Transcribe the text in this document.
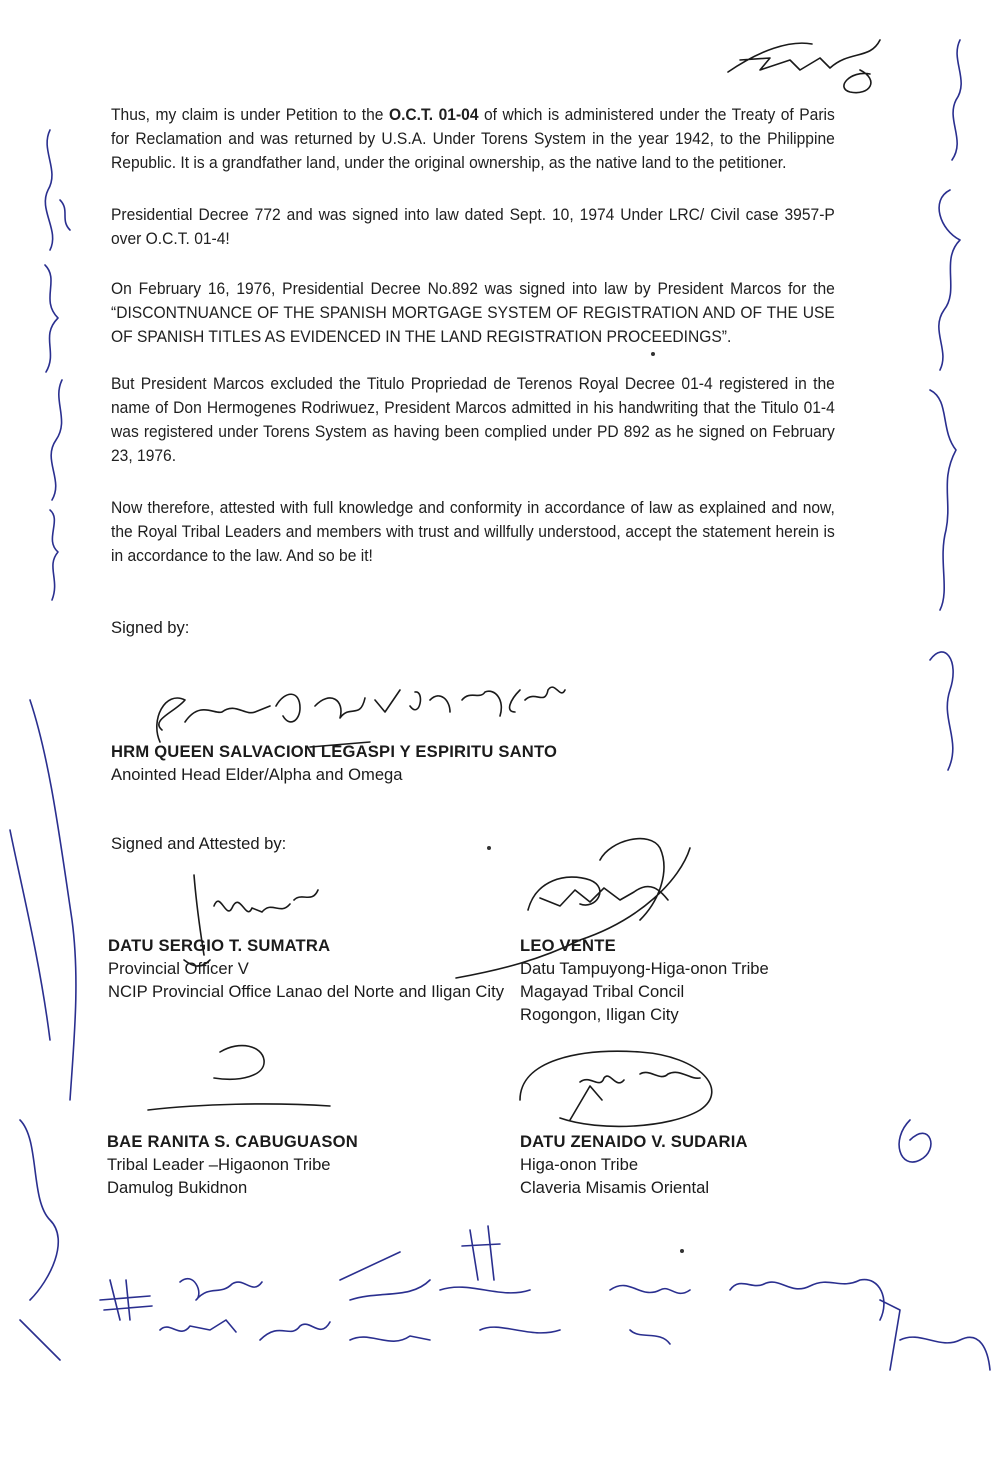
Thus, my claim is under Petition to the O.C.T. 01-04 of which is administered under the Treaty of Paris for Reclamation and was returned by U.S.A. Under Torens System in the year 1942, to the Philippine Republic. It is a grandfather land, under the original ownership, as the native land to the petitioner.
Presidential Decree 772 and was signed into law dated Sept. 10, 1974 Under LRC/ Civil case 3957-P over O.C.T. 01-4!
On February 16, 1976, Presidential Decree No.892 was signed into law by President Marcos for the “DISCONTNUANCE OF THE SPANISH MORTGAGE SYSTEM OF REGISTRATION AND OF THE USE OF SPANISH TITLES AS EVIDENCED IN THE LAND REGISTRATION PROCEEDINGS”.
But President Marcos excluded the Titulo Propriedad de Terenos Royal Decree 01-4 registered in the name of Don Hermogenes Rodriwuez, President Marcos admitted in his handwriting that the Titulo 01-4 was registered under Torens System as having been complied under PD 892 as he signed on February 23, 1976.
Now therefore, attested with full knowledge and conformity in accordance of law as explained and now, the Royal Tribal Leaders and members with trust and willfully understood, accept the statement herein is in accordance to the law. And so be it!
Signed by:
HRM QUEEN SALVACION LEGASPI Y ESPIRITU SANTO
Anointed Head Elder/Alpha and Omega
Signed and Attested by:
DATU SERGIO T. SUMATRA
Provincial Officer V
NCIP Provincial Office Lanao del Norte and Iligan City
LEO VENTE
Datu Tampuyong-Higa-onon Tribe
Magayad Tribal Concil
Rogongon, Iligan City
BAE RANITA S. CABUGUASON
Tribal Leader –Higaonon Tribe
Damulog Bukidnon
DATU ZENAIDO V. SUDARIA
Higa-onon Tribe
Claveria Misamis Oriental
